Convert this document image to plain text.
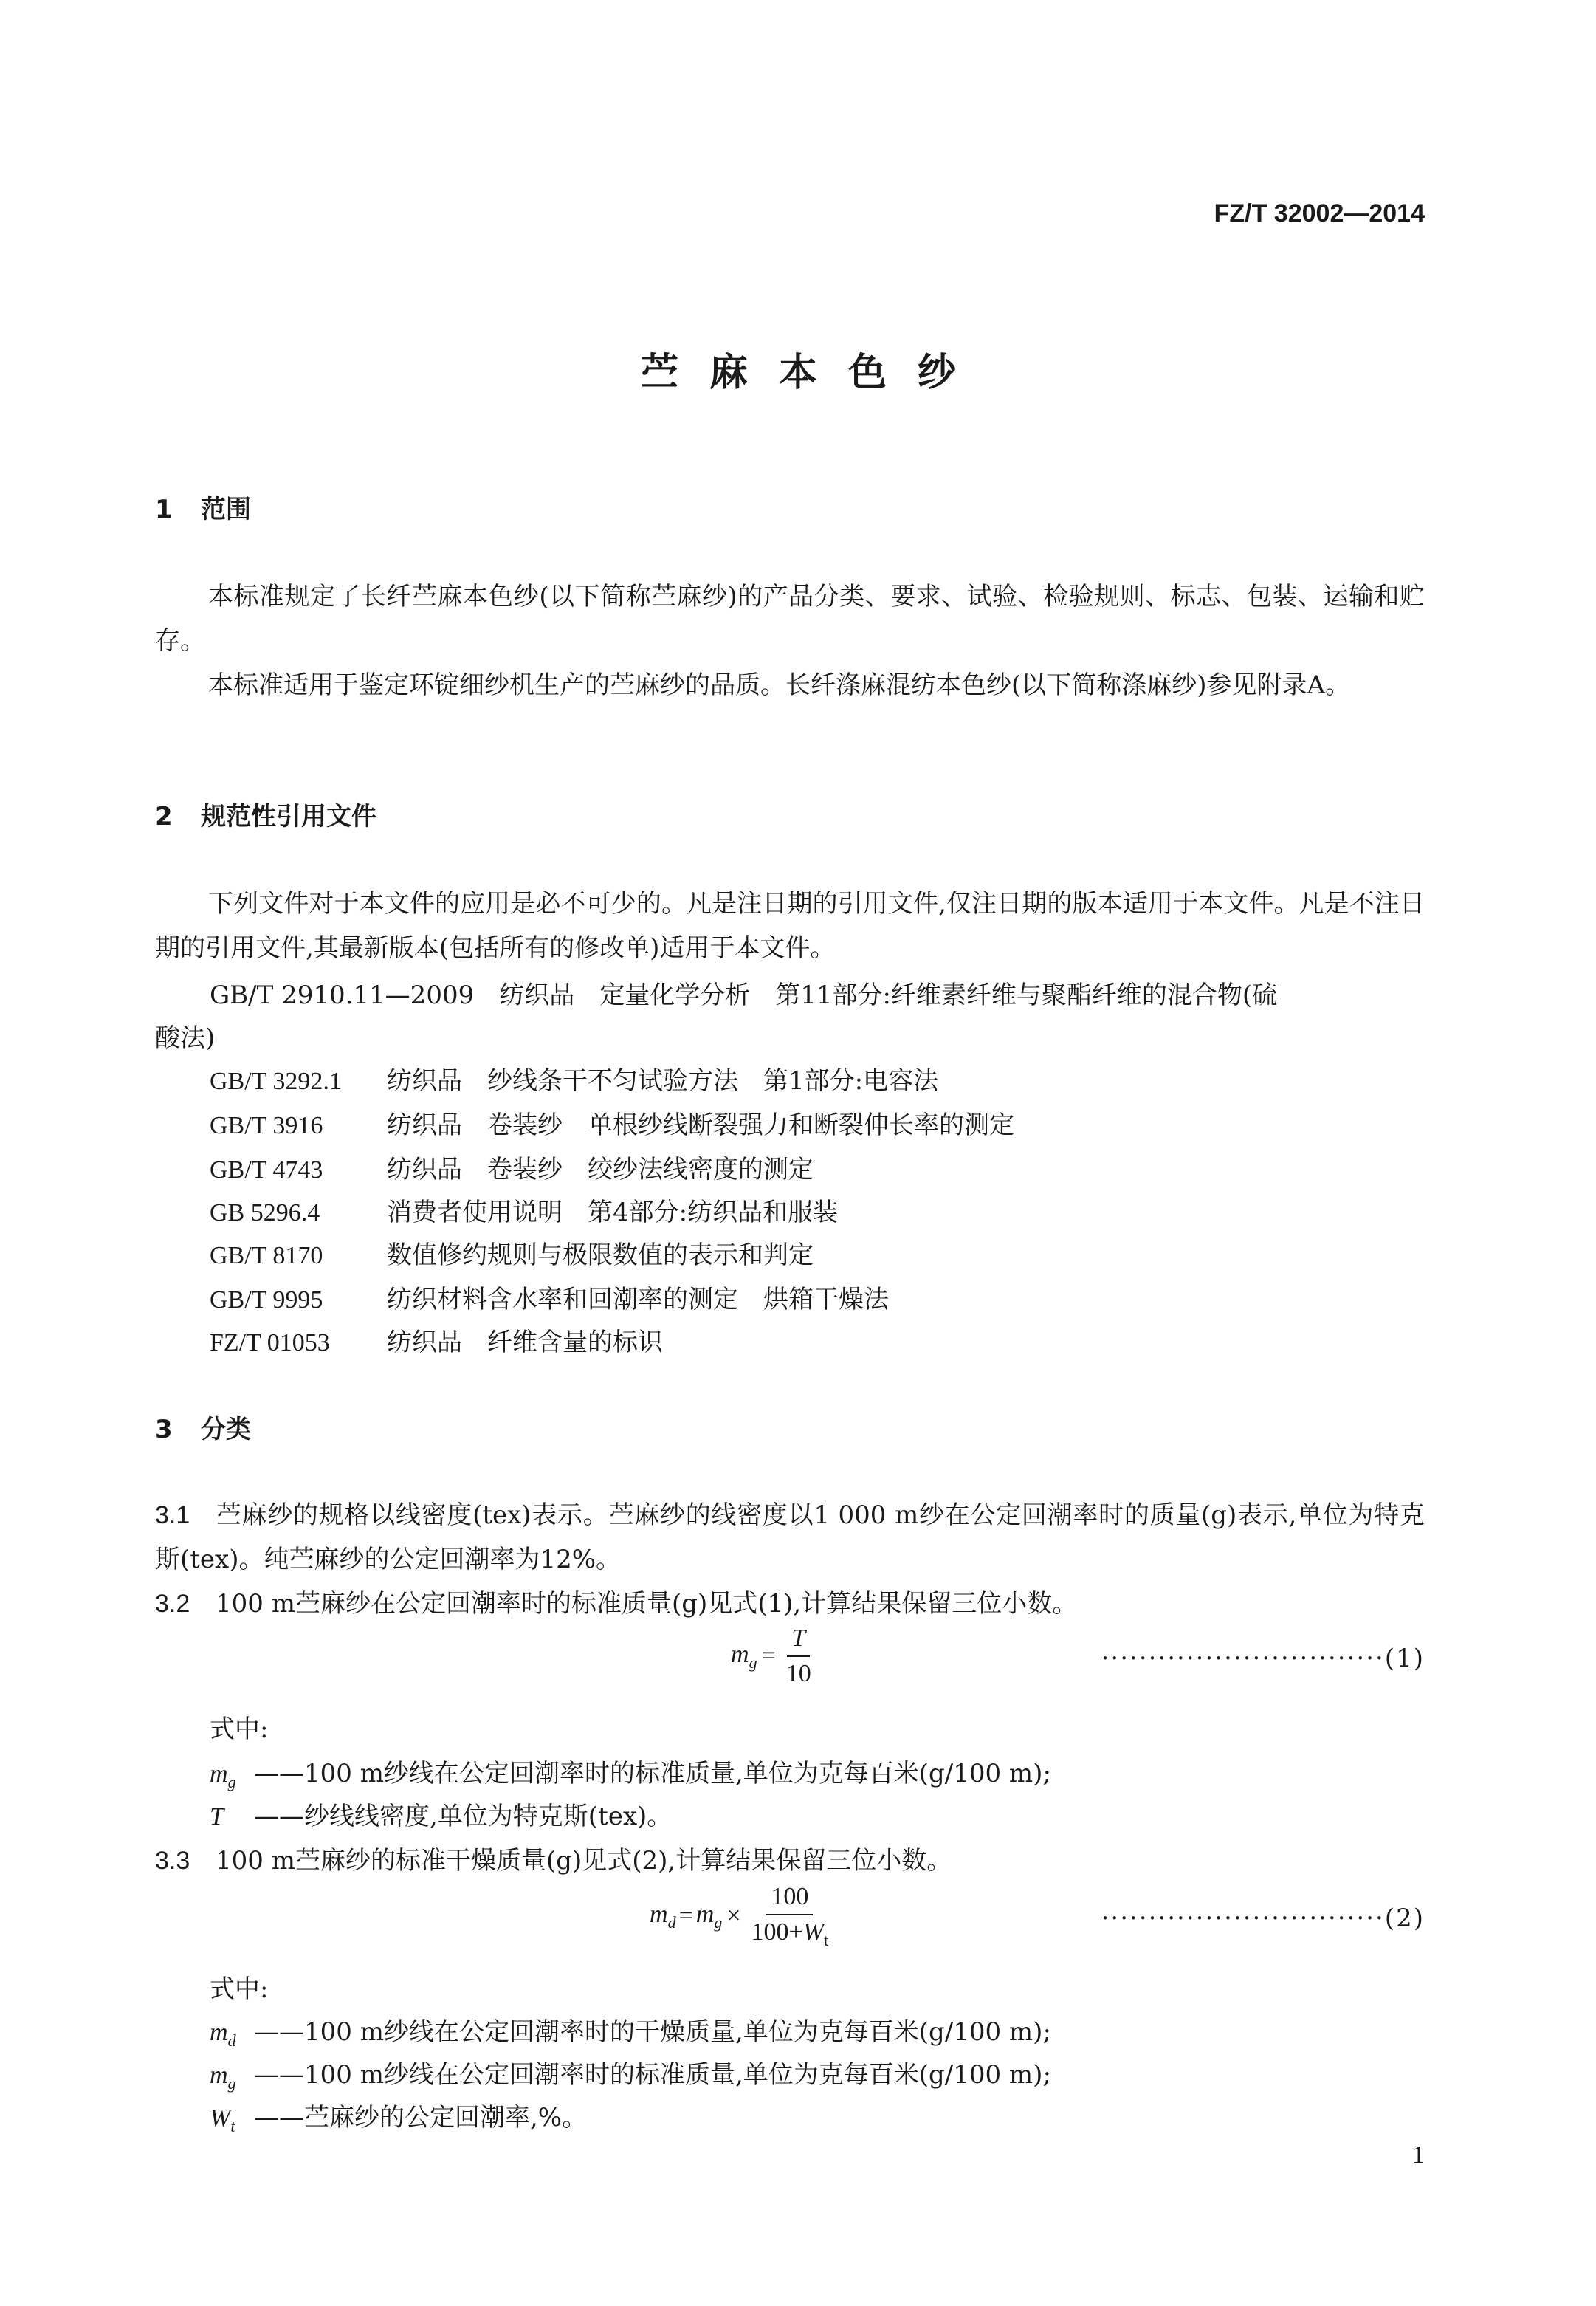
FZ/T 32002—2014
苎麻本色纱
1 范围
本标准规定了长纤苎麻本色纱(以下简称苎麻纱)的产品分类、要求、试验、检验规则、标志、包装、运输和贮存。
本标准适用于鉴定环锭细纱机生产的苎麻纱的品质。长纤涤麻混纺本色纱(以下简称涤麻纱)参见附录A。
2 规范性引用文件
下列文件对于本文件的应用是必不可少的。凡是注日期的引用文件,仅注日期的版本适用于本文件。凡是不注日期的引用文件,其最新版本(包括所有的修改单)适用于本文件。
GB/T 2910.11—2009　纺织品　定量化学分析　第11部分:纤维素纤维与聚酯纤维的混合物(硫
酸法)
GB/T 3292.1 纺织品　纱线条干不匀试验方法　第1部分:电容法
GB/T 3916	纺织品　卷装纱　单根纱线断裂强力和断裂伸长率的测定
GB/T 4743	纺织品　卷装纱　绞纱法线密度的测定
GB 5296.4	消费者使用说明　第4部分:纺织品和服装
GB/T 8170	数值修约规则与极限数值的表示和判定
GB/T 9995	纺织材料含水率和回潮率的测定　烘箱干燥法
FZ/T 01053 纺织品　纤维含量的标识
3 分类
3.1 苎麻纱的规格以线密度(tex)表示。苎麻纱的线密度以1 000 m纱在公定回潮率时的质量(g)表示,单位为特克斯(tex)。纯苎麻纱的公定回潮率为12%。
3.2 100 m苎麻纱在公定回潮率时的标准质量(g)见式(1),计算结果保留三位小数。
$m_g = \frac{T}{10}$	······························(1)
式中:
$m_g$ ——100 m纱线在公定回潮率时的标准质量,单位为克每百米(g/100 m);
T ——纱线线密度,单位为特克斯(tex)。
3.3 100 m苎麻纱的标准干燥质量(g)见式(2),计算结果保留三位小数。
$m_d = m_g \times \frac{100}{100+W_t}$	······························(2)
式中:
$m_d$ ——100 m纱线在公定回潮率时的干燥质量,单位为克每百米(g/100 m);
$m_g$ ——100 m纱线在公定回潮率时的标准质量,单位为克每百米(g/100 m);
$W_t$ ——苎麻纱的公定回潮率,%。
1
